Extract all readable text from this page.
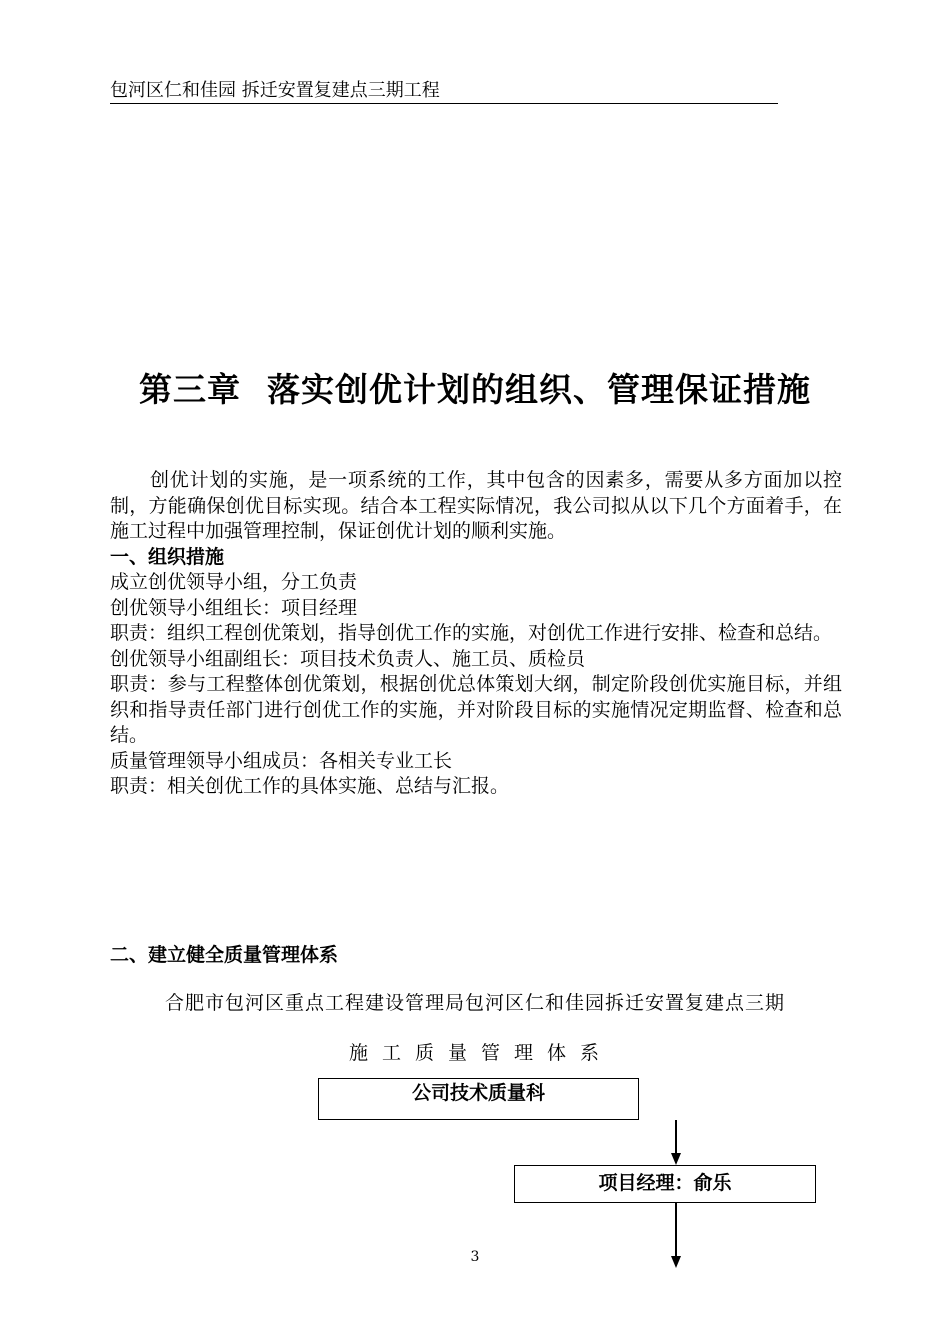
包河区仁和佳园 拆迁安置复建点三期工程
第三章 落实创优计划的组织、管理保证措施

创优计划的实施，是一项系统的工作，其中包含的因素多，需要从多方面加以控制，方能确保创优目标实现。结合本工程实际情况，我公司拟从以下几个方面着手，在施工过程中加强管理控制，保证创优计划的顺利实施。

一、组织措施

成立创优领导小组，分工负责

创优领导小组组长：项目经理

职责：组织工程创优策划，指导创优工作的实施，对创优工作进行安排、检查和总结。

创优领导小组副组长：项目技术负责人、施工员、质检员

职责：参与工程整体创优策划，根据创优总体策划大纲，制定阶段创优实施目标，并组织和指导责任部门进行创优工作的实施，并对阶段目标的实施情况定期监督、检查和总结。

质量管理领导小组成员：各相关专业工长

职责：相关创优工作的具体实施、总结与汇报。

二、建立健全质量管理体系
合肥市包河区重点工程建设管理局包河区仁和佳园拆迁安置复建点三期
施工质量管理体系
公司技术质量科
项目经理：俞乐
3
